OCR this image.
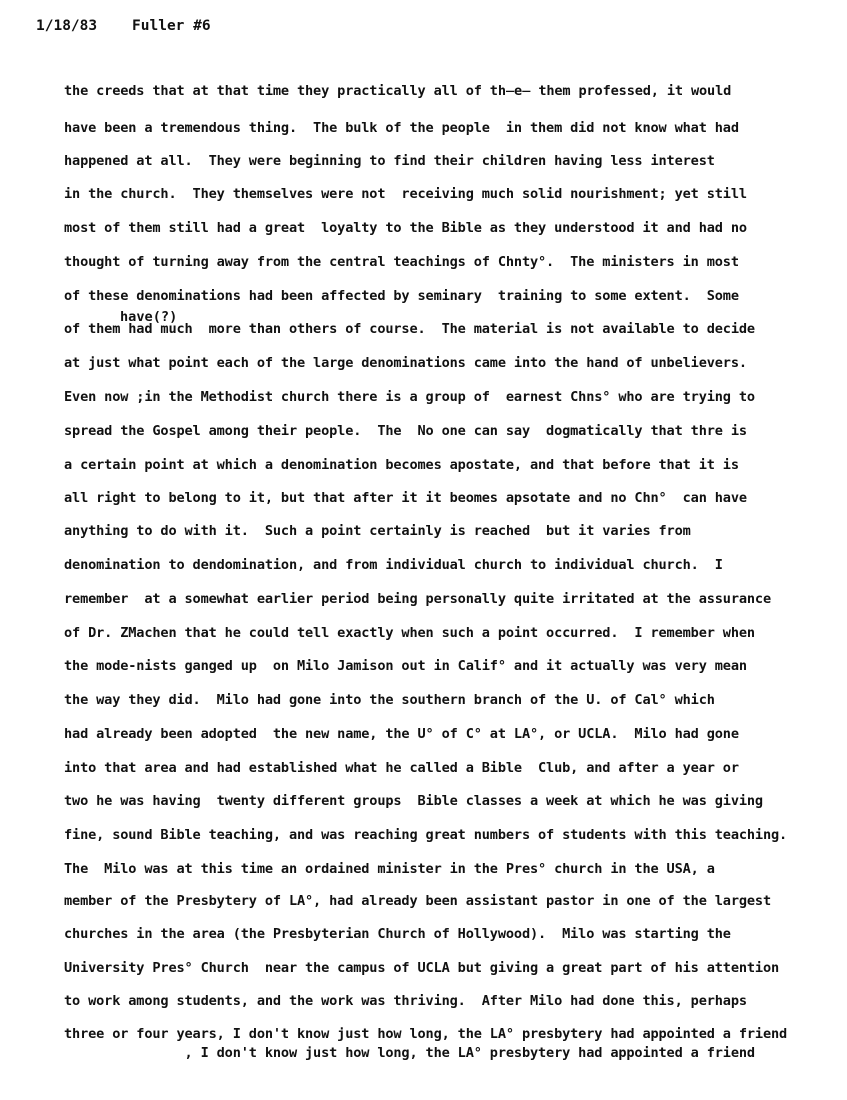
1/18/83 Fuller #6
have(?)
the creeds that at that time they practically all of th̶e̶ them professed, it would
have been a tremendous thing.  The bulk of the people  in them did not know what had
happened at all.  They were beginning to find their children having less interest
in the church.  They themselves were not  receiving much solid nourishment; yet still
most of them still had a great  loyalty to the Bible as they understood it and had no
thought of turning away from the central teachings of Chnty°.  The ministers in most
of these denominations had been affected by seminary  training to some extent.  Some
of them had much  more than others of course.  The material is not available to decide
at just what point each of the large denominations came into the hand of unbelievers.
Even now ;in the Methodist church there is a group of  earnest Chns° who are trying to
spread the Gospel among their people.  The  No one can say  dogmatically that thre is
a certain point at which a denomination becomes apostate, and that before that it is
all right to belong to it, but that after it it beomes apsotate and no Chn°  can have
anything to do with it.  Such a point certainly is reached  but it varies from
denomination to dendomination, and from individual church to individual church.  I
remember  at a somewhat earlier period being personally quite irritated at the assurance
of Dr. ZMachen that he could tell exactly when such a point occurred.  I remember when
the mode-nists ganged up  on Milo Jamison out in Calif° and it actually was very mean
the way they did.  Milo had gone into the southern branch of the U. of Cal° which
had already been adopted  the new name, the U° of C° at LA°, or UCLA.  Milo had gone
into that area and had established what he called a Bible  Club, and after a year or
two he was having  twenty different groups  Bible classes a week at which he was giving
fine, sound Bible teaching, and was reaching great numbers of students with this teaching.
The  Milo was at this time an ordained minister in the Pres° church in the USA, a
member of the Presbytery of LA°, had already been assistant pastor in one of the largest
churches in the area (the Presbyterian Church of Hollywood).  Milo was starting the
University Pres° Church  near the campus of UCLA but giving a great part of his attention
to work among students, and the work was thriving.  After Milo had done this, perhaps
three or four years, I don't know just how long, the LA° presbytery had appointed a friend
, I don't know just how long, the LA° presbytery had appointed a friend
